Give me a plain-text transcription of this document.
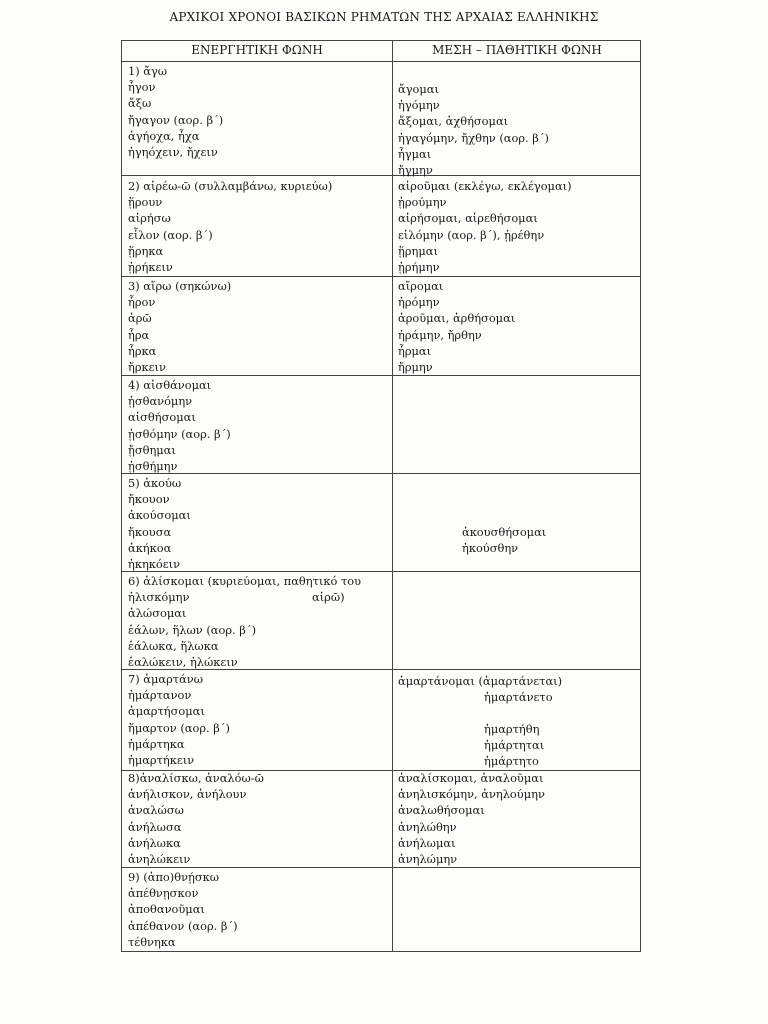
ΑΡΧΙΚΟΙ ΧΡΟΝΟΙ ΒΑΣΙΚΩΝ ΡΗΜΑΤΩΝ ΤΗΣ ΑΡΧΑΙΑΣ ΕΛΛΗΝΙΚΗΣ
ΕΝΕΡΓΗΤΙΚΗ ΦΩΝΗ	ΜΕΣΗ – ΠΑΘΗΤΙΚΗ ΦΩΝΗ
1) ἄγω
ἦγον
ἄξω
ἤγαγον (αορ. β΄)
ἀγήοχα, ἦχα
ἠγηόχειν, ἤχειν
ἄγομαι
ἠγόμην
ἄξομαι, ἀχθήσομαι
ἠγαγόμην, ἤχθην (αορ. β΄)
ἦγμαι
ἤγμην
2) αἱρέω-ῶ (συλλαμβάνω, κυριεύω)
ᾕρουν
αἱρήσω
εἷλον (αορ. β΄)
ᾕρηκα
ᾑρήκειν
αἱροῦμαι (εκλέγω, εκλέγομαι)
ᾑρούμην
αἱρήσομαι, αἱρεθήσομαι
εἱλόμην (αορ. β΄), ᾑρέθην
ᾕρημαι
ᾑρήμην
3) αἴρω (σηκώνω)
ἦρον
ἀρῶ
ἦρα
ἦρκα
ἤρκειν
αἴρομαι
ἠρόμην
ἀροῦμαι, ἀρθήσομαι
ἠράμην, ἤρθην
ἦρμαι
ἤρμην
4) αἰσθάνομαι
ᾐσθανόμην
αἰσθήσομαι
ᾐσθόμην (αορ. β΄)
ᾔσθημαι
ᾐσθήμην
5) ἀκούω
ἤκουον
ἀκούσομαι
ἤκουσα
ἀκήκοα
ἠκηκόειν
ἀκουσθήσομαι
ἠκούσθην
6) ἁλίσκομαι (κυριεύομαι, παθητικό του
ἡλισκόμην
ἁλώσομαι
ἑάλων, ἥλων (αορ. β΄)
ἑάλωκα, ἥλωκα
ἑαλώκειν, ἡλώκειν
αἱρῶ)
7) ἁμαρτάνω
ἡμάρτανον
ἁμαρτήσομαι
ἥμαρτον (αορ. β΄)
ἡμάρτηκα
ἡμαρτήκειν
ἁμαρτάνομαι (ἁμαρτάνεται)
ἡμαρτάνετο
ἡμαρτήθη
ἡμάρτηται
ἡμάρτητο
8)ἀναλίσκω, ἀναλόω-ῶ
ἀνήλισκον, ἀνήλουν
ἀναλώσω
ἀνήλωσα
ἀνήλωκα
ἀνηλώκειν
ἀναλίσκομαι, ἀναλοῦμαι
ἀνηλισκόμην, ἀνηλούμην
ἀναλωθήσομαι
ἀνηλώθην
ἀνήλωμαι
ἀνηλώμην
9) (ἀπο)θνῄσκω
ἀπέθνῃσκον
ἀποθανοῦμαι
ἀπέθανον (αορ. β΄)
τέθνηκα
